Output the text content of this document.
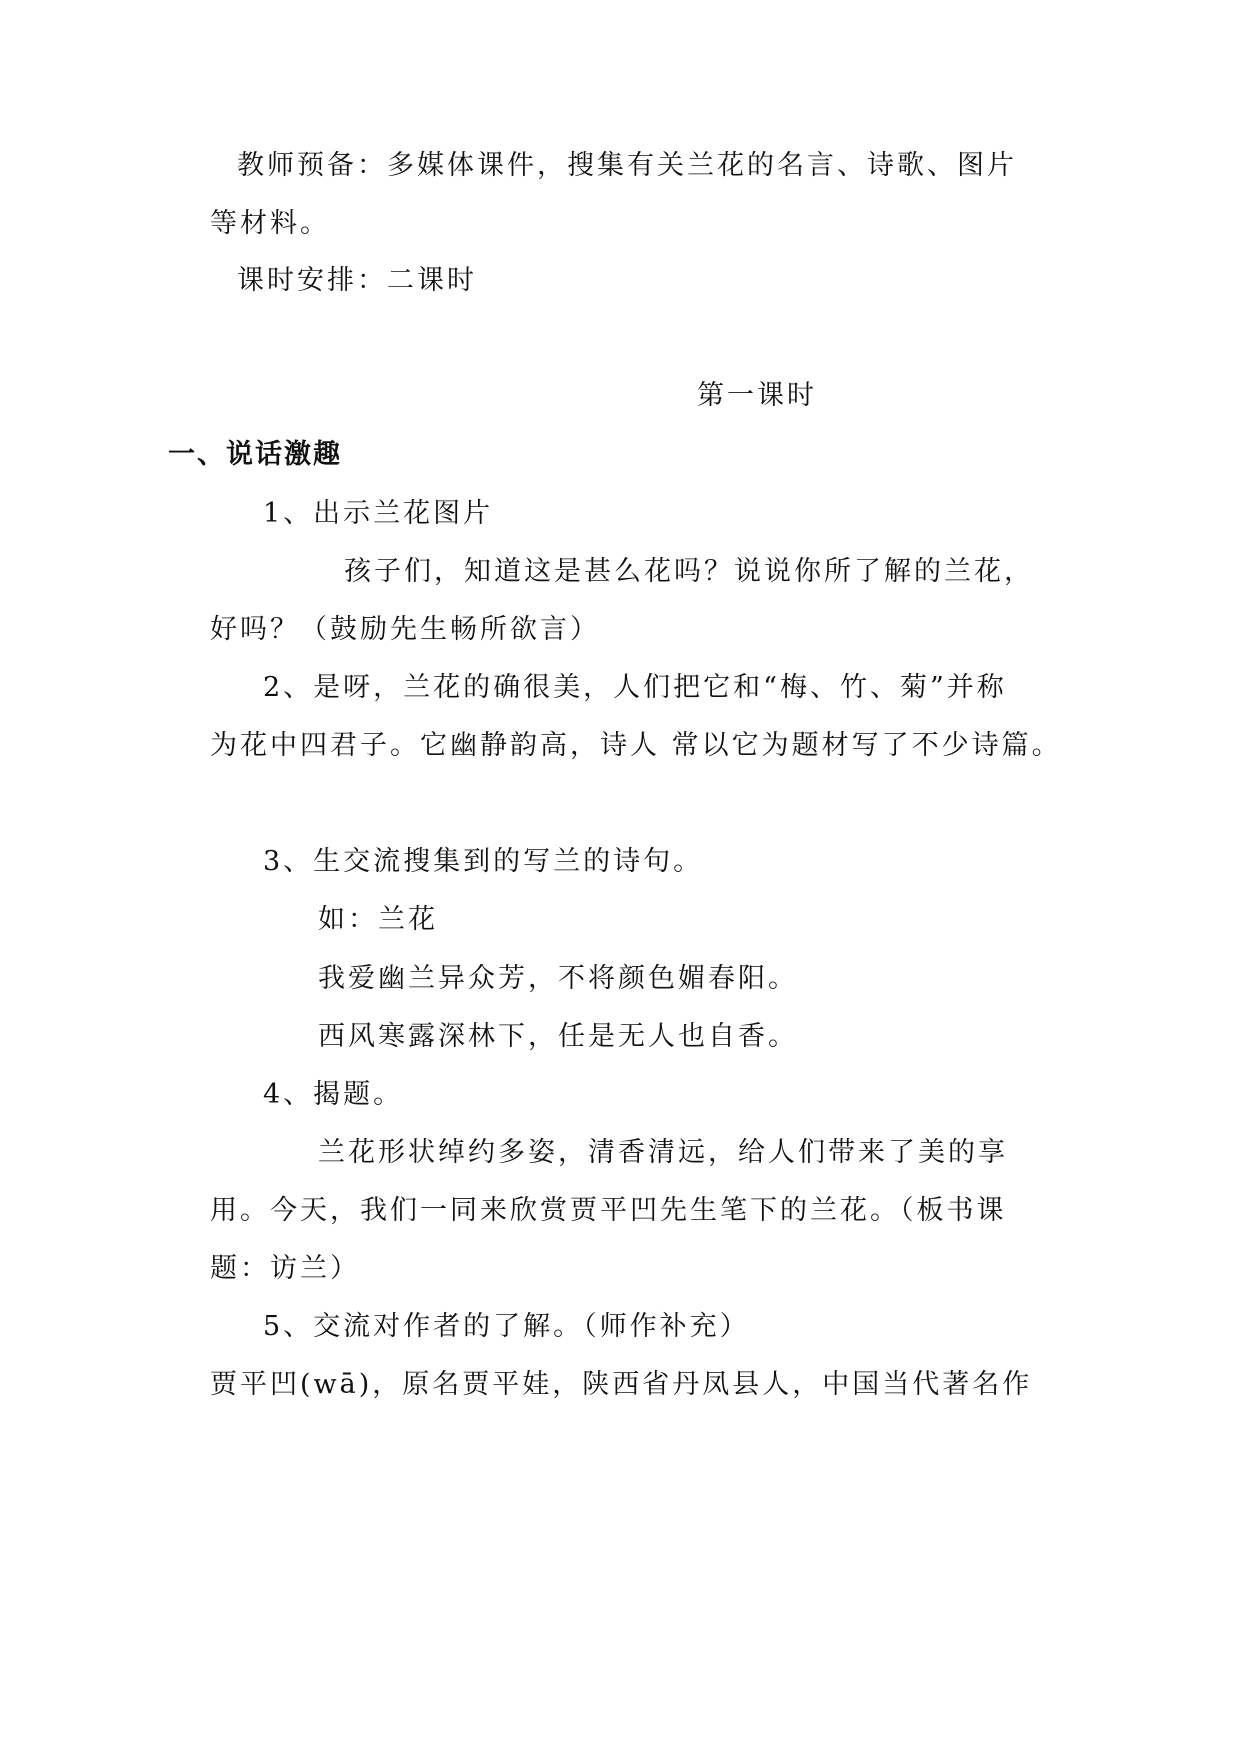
教师预备：多媒体课件，搜集有关兰花的名言、诗歌、图片
等材料。
课时安排：二课时
第一课时
一、说话激趣
1、出示兰花图片
孩子们，知道这是甚么花吗？说说你所了解的兰花，
好吗？（鼓励先生畅所欲言）
2、是呀，兰花的确很美，人们把它和“梅、竹、菊”并称
为花中四君子。它幽静韵高，诗人 常以它为题材写了不少诗篇。
3、生交流搜集到的写兰的诗句。
如：兰花
我爱幽兰异众芳，不将颜色媚春阳。
西风寒露深林下，任是无人也自香。
4、揭题。
兰花形状绰约多姿，清香清远，给人们带来了美的享
用。今天，我们一同来欣赏贾平凹先生笔下的兰花。（板书课
题：访兰）
5、交流对作者的了解。（师作补充）
贾平凹(wā)，原名贾平娃，陕西省丹凤县人，中国当代著名作
